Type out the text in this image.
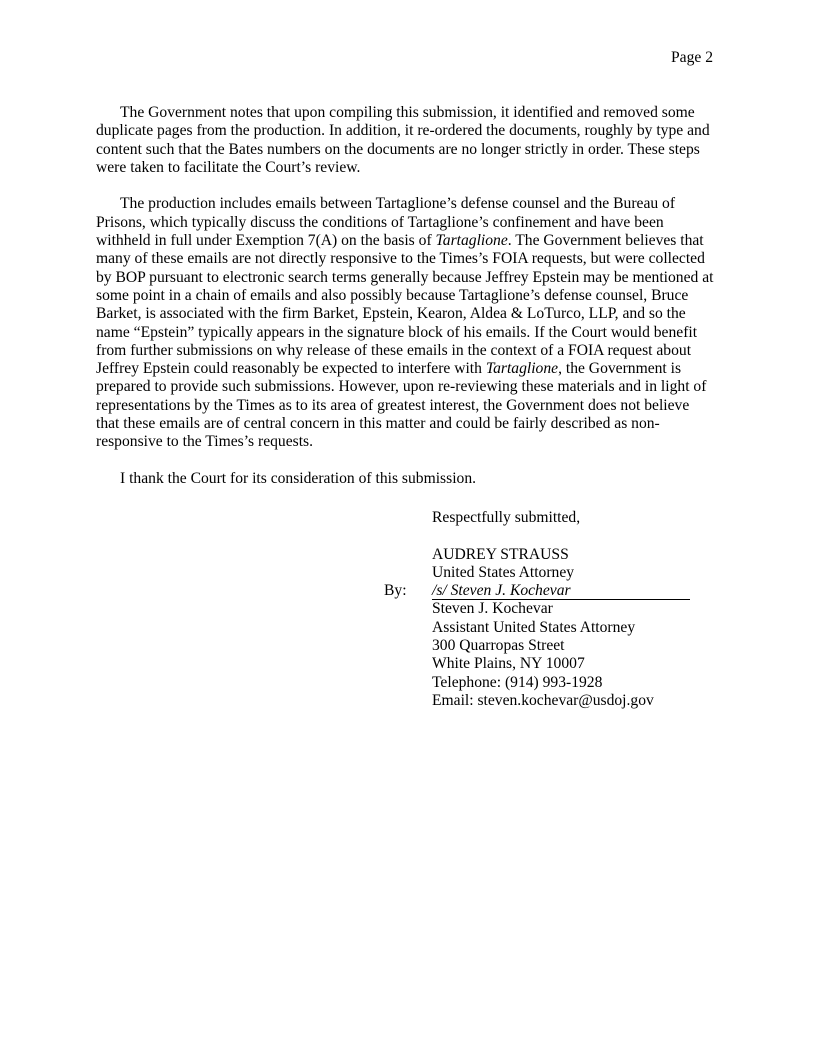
Page 2

The Government notes that upon compiling this submission, it identified and removed some duplicate pages from the production. In addition, it re-ordered the documents, roughly by type and content such that the Bates numbers on the documents are no longer strictly in order. These steps were taken to facilitate the Court’s review.

The production includes emails between Tartaglione’s defense counsel and the Bureau of Prisons, which typically discuss the conditions of Tartaglione’s confinement and have been withheld in full under Exemption 7(A) on the basis of Tartaglione. The Government believes that many of these emails are not directly responsive to the Times’s FOIA requests, but were collected by BOP pursuant to electronic search terms generally because Jeffrey Epstein may be mentioned at some point in a chain of emails and also possibly because Tartaglione’s defense counsel, Bruce Barket, is associated with the firm Barket, Epstein, Kearon, Aldea & LoTurco, LLP, and so the name “Epstein” typically appears in the signature block of his emails. If the Court would benefit from further submissions on why release of these emails in the context of a FOIA request about Jeffrey Epstein could reasonably be expected to interfere with Tartaglione, the Government is prepared to provide such submissions. However, upon re-reviewing these materials and in light of representations by the Times as to its area of greatest interest, the Government does not believe that these emails are of central concern in this matter and could be fairly described as non-responsive to the Times’s requests.

I thank the Court for its consideration of this submission.

Respectfully submitted,
AUDREY STRAUSS
United States Attorney
By:	/s/ Steven J. Kochevar
Steven J. Kochevar
Assistant United States Attorney
300 Quarropas Street
White Plains, NY 10007
Telephone: (914) 993-1928
Email: steven.kochevar@usdoj.gov
